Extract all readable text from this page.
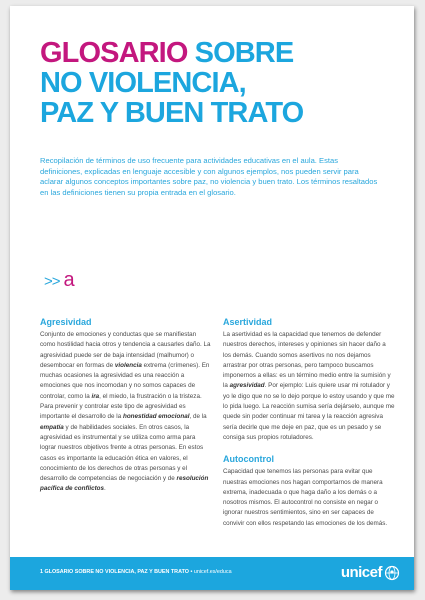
GLOSARIO SOBRE
NO VIOLENCIA,
PAZ Y BUEN TRATO

Recopilación de términos de uso frecuente para actividades educativas en el aula. Estas definiciones, explicadas en lenguaje accesible y con algunos ejemplos, nos pueden servir para aclarar algunos conceptos importantes sobre paz, no violencia y buen trato. Los términos resaltados en las definiciones tienen su propia entrada en el glosario.

>> a
Agresividad

Conjunto de emociones y conductas que se manifiestan como hostilidad hacia otros y tendencia a causarles daño. La agresividad puede ser de baja intensidad (malhumor) o desembocar en formas de violencia extrema (crímenes). En muchas ocasiones la agresividad es una reacción a emociones que nos incomodan y no somos capaces de controlar, como la ira, el miedo, la frustración o la tristeza. Para prevenir y controlar este tipo de agresividad es importante el desarrollo de la honestidad emocional, de la empatía y de habilidades sociales. En otros casos, la agresividad es instrumental y se utiliza como arma para lograr nuestros objetivos frente a otras personas. En estos casos es importante la educación ética en valores, el conocimiento de los derechos de otras personas y el desarrollo de competencias de negociación y de resolución pacífica de conflictos.

Asertividad

La asertividad es la capacidad que tenemos de defender nuestros derechos, intereses y opiniones sin hacer daño a los demás. Cuando somos asertivos no nos dejamos arrastrar por otras personas, pero tampoco buscamos imponernos a ellas: es un término medio entre la sumisión y la agresividad. Por ejemplo: Luis quiere usar mi rotulador y yo le digo que no se lo dejo porque lo estoy usando y que me lo pida luego. La reacción sumisa sería dejárselo, aunque me quede sin poder continuar mi tarea y la reacción agresiva sería decirle que me deje en paz, que es un pesado y se consiga sus propios rotuladores.

Autocontrol

Capacidad que tenemos las personas para evitar que nuestras emociones nos hagan comportarnos de manera extrema, inadecuada o que haga daño a los demás o a nosotros mismos. El autocontrol no consiste en negar o ignorar nuestros sentimientos, sino en ser capaces de convivir con ellos respetando las emociones de los demás.

1 GLOSARIO SOBRE NO VIOLENCIA, PAZ Y BUEN TRATO • unicef.es/educa	unicef
